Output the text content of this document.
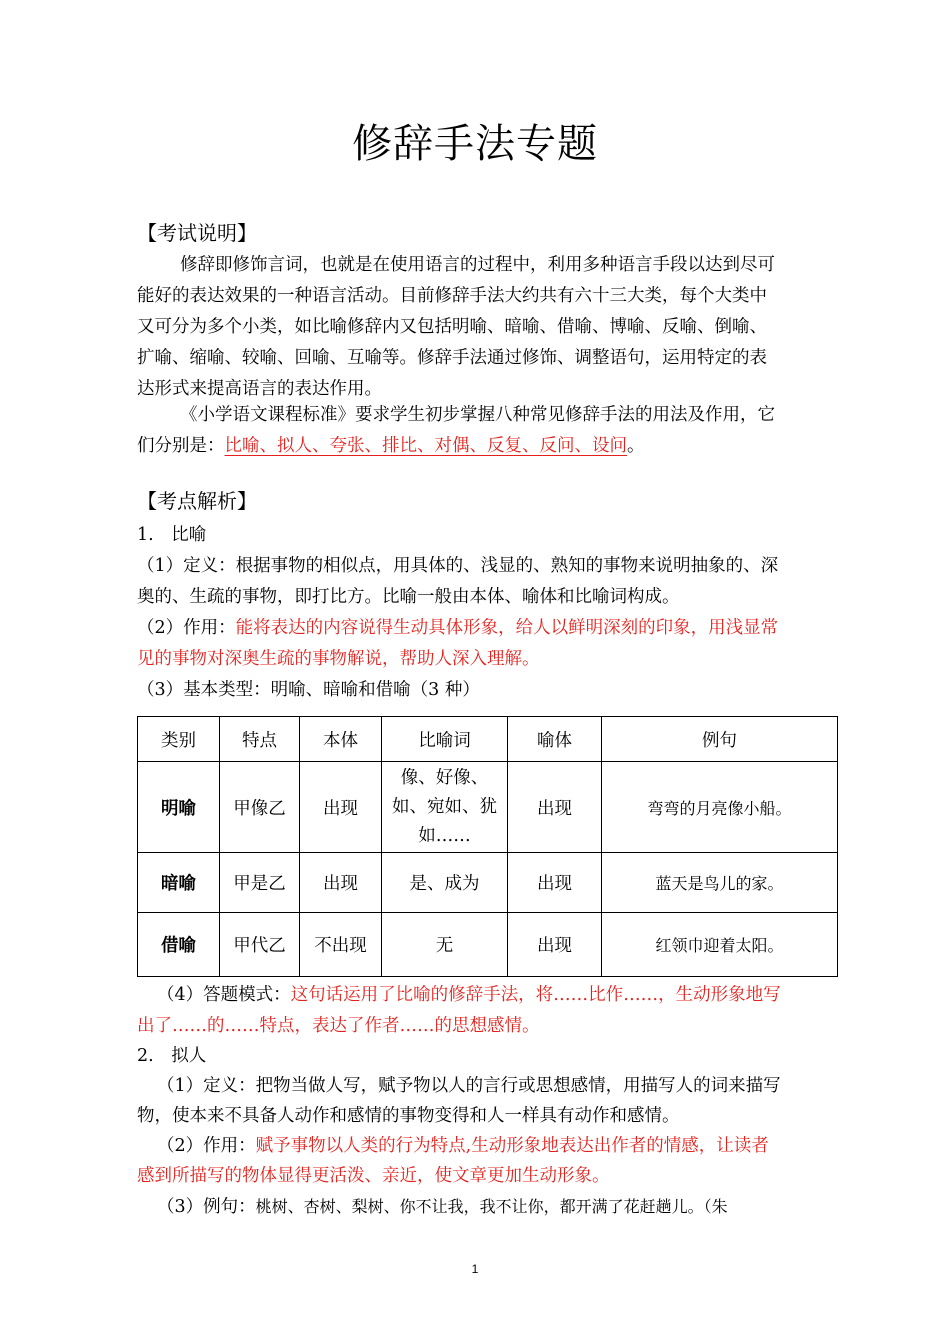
修辞手法专题
【考试说明】
修辞即修饰言词，也就是在使用语言的过程中，利用多种语言手段以达到尽可
能好的表达效果的一种语言活动。目前修辞手法大约共有六十三大类，每个大类中
又可分为多个小类，如比喻修辞内又包括明喻、暗喻、借喻、博喻、反喻、倒喻、
扩喻、缩喻、较喻、回喻、互喻等。修辞手法通过修饰、调整语句，运用特定的表
达形式来提高语言的表达作用。
《小学语文课程标准》要求学生初步掌握八种常见修辞手法的用法及作用，它
们分别是：比喻、拟人、夸张、排比、对偶、反复、反问、设问。
【考点解析】
1.　比喻
（1）定义：根据事物的相似点，用具体的、浅显的、熟知的事物来说明抽象的、深
奥的、生疏的事物，即打比方。比喻一般由本体、喻体和比喻词构成。
（2）作用：能将表达的内容说得生动具体形象，给人以鲜明深刻的印象，用浅显常
见的事物对深奥生疏的事物解说，帮助人深入理解。
（3）基本类型：明喻、暗喻和借喻（3 种）
类别	特点	本体	比喻词	喻体	例句
明喻	甲像乙	出现	像、好像、如、宛如、犹如……	出现	弯弯的月亮像小船。
暗喻	甲是乙	出现	是、成为	出现	蓝天是鸟儿的家。
借喻	甲代乙	不出现	无	出现	红领巾迎着太阳。
（4）答题模式：这句话运用了比喻的修辞手法，将……比作……，生动形象地写
出了……的……特点，表达了作者……的思想感情。
2.　拟人
（1）定义：把物当做人写，赋予物以人的言行或思想感情，用描写人的词来描写
物，使本来不具备人动作和感情的事物变得和人一样具有动作和感情。
（2）作用：赋予事物以人类的行为特点,生动形象地表达出作者的情感，让读者
感到所描写的物体显得更活泼、亲近，使文章更加生动形象。
（3）例句：桃树、杏树、梨树、你不让我，我不让你，都开满了花赶趟儿。（朱
1
